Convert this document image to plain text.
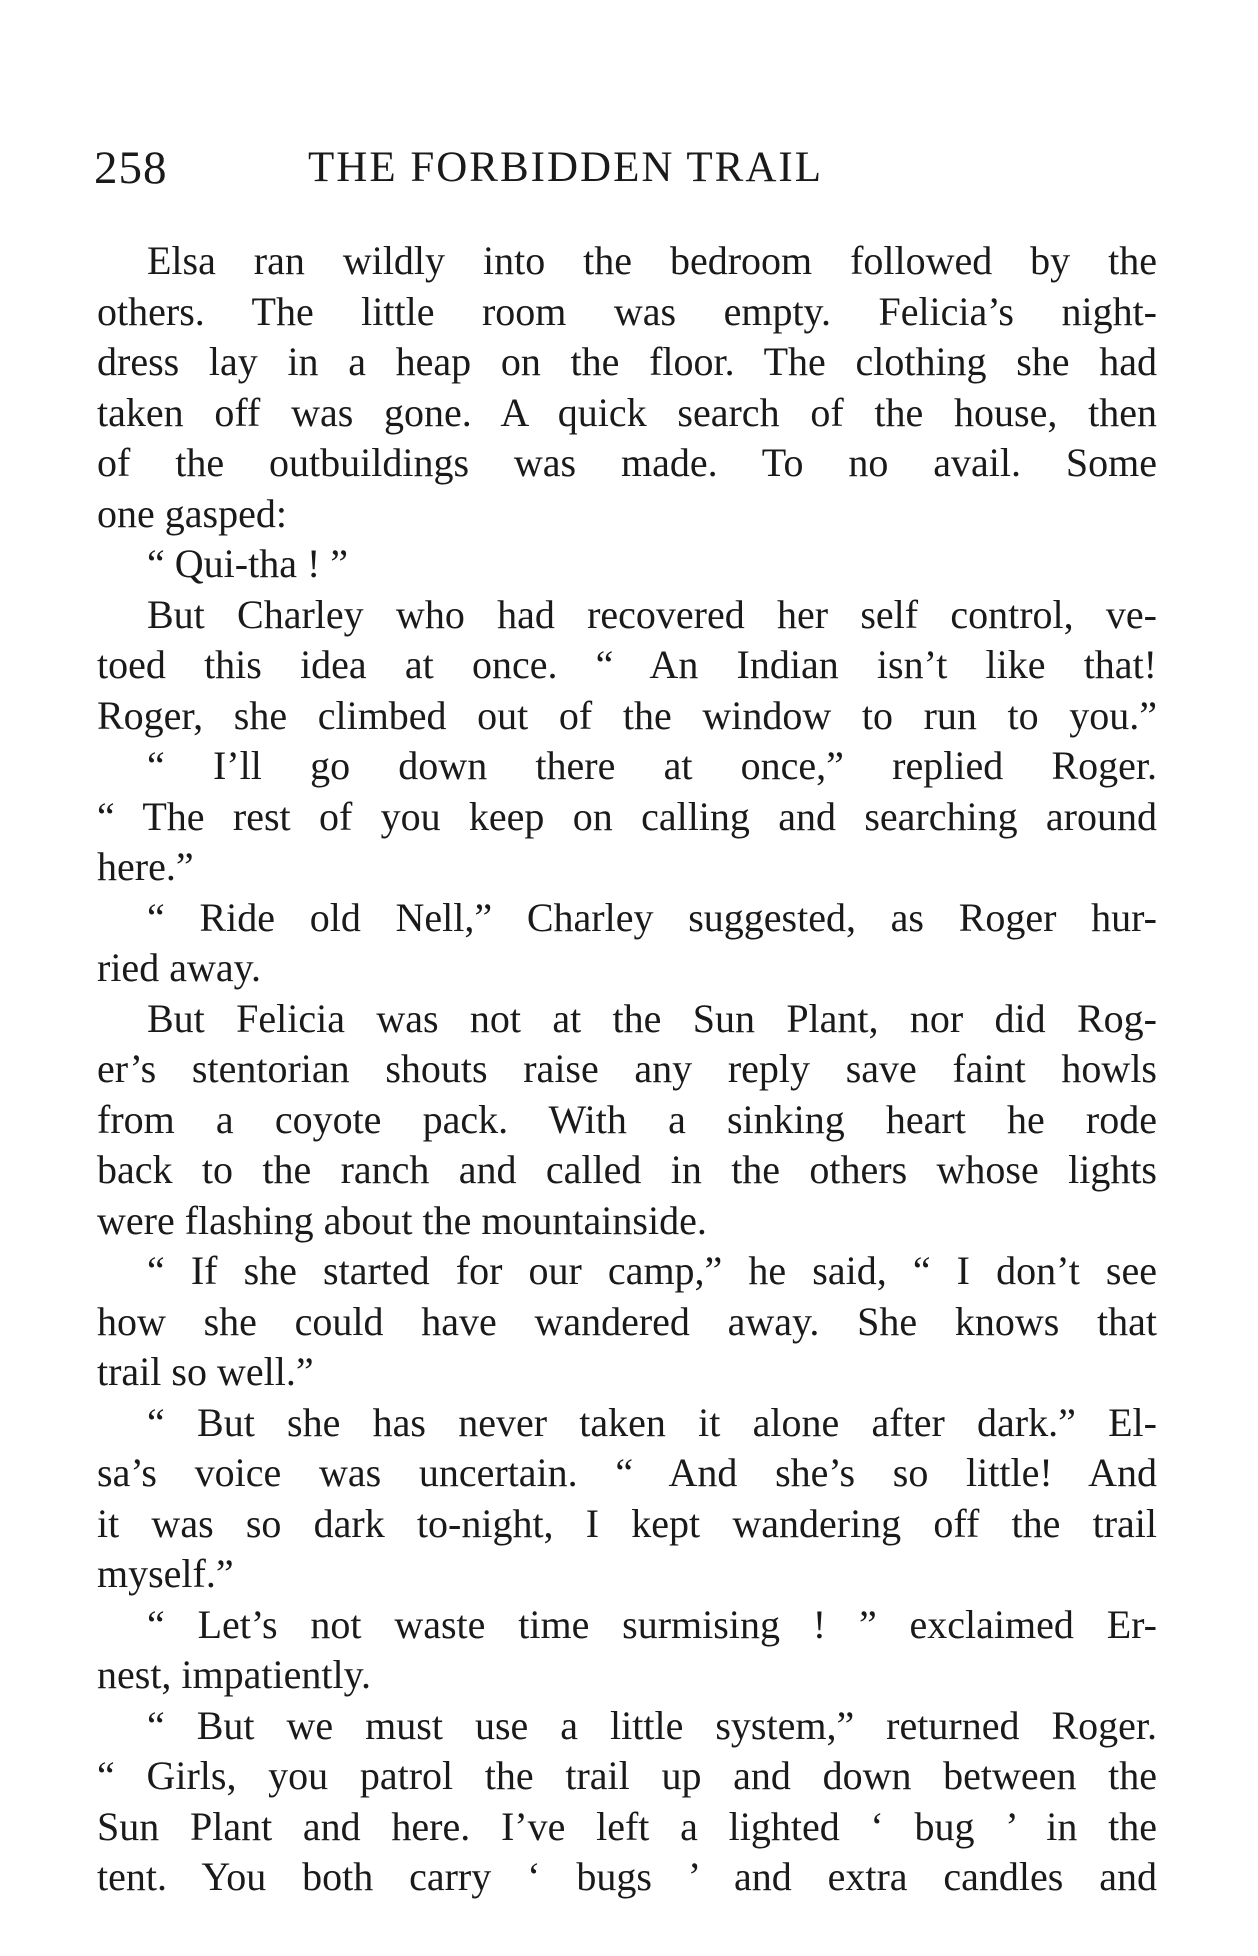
258	THE FORBIDDEN TRAIL
Elsa ran wildly into the bedroom followed by the
others. The little room was empty. Felicia’s night-
dress lay in a heap on the floor. The clothing she had
taken off was gone. A quick search of the house, then
of the outbuildings was made. To no avail. Some
one gasped:
“ Qui-tha ! ”
But Charley who had recovered her self control, ve-
toed this idea at once. “ An Indian isn’t like that!
Roger, she climbed out of the window to run to you.”
“ I’ll go down there at once,” replied Roger.
“ The rest of you keep on calling and searching around
here.”
“ Ride old Nell,” Charley suggested, as Roger hur-
ried away.
But Felicia was not at the Sun Plant, nor did Rog-
er’s stentorian shouts raise any reply save faint howls
from a coyote pack. With a sinking heart he rode
back to the ranch and called in the others whose lights
were flashing about the mountainside.
“ If she started for our camp,” he said, “ I don’t see
how she could have wandered away. She knows that
trail so well.”
“ But she has never taken it alone after dark.” El-
sa’s voice was uncertain. “ And she’s so little! And
it was so dark to-night, I kept wandering off the trail
myself.”
“ Let’s not waste time surmising ! ” exclaimed Er-
nest, impatiently.
“ But we must use a little system,” returned Roger.
“ Girls, you patrol the trail up and down between the
Sun Plant and here. I’ve left a lighted ‘ bug ’ in the
tent. You both carry ‘ bugs ’ and extra candles and
